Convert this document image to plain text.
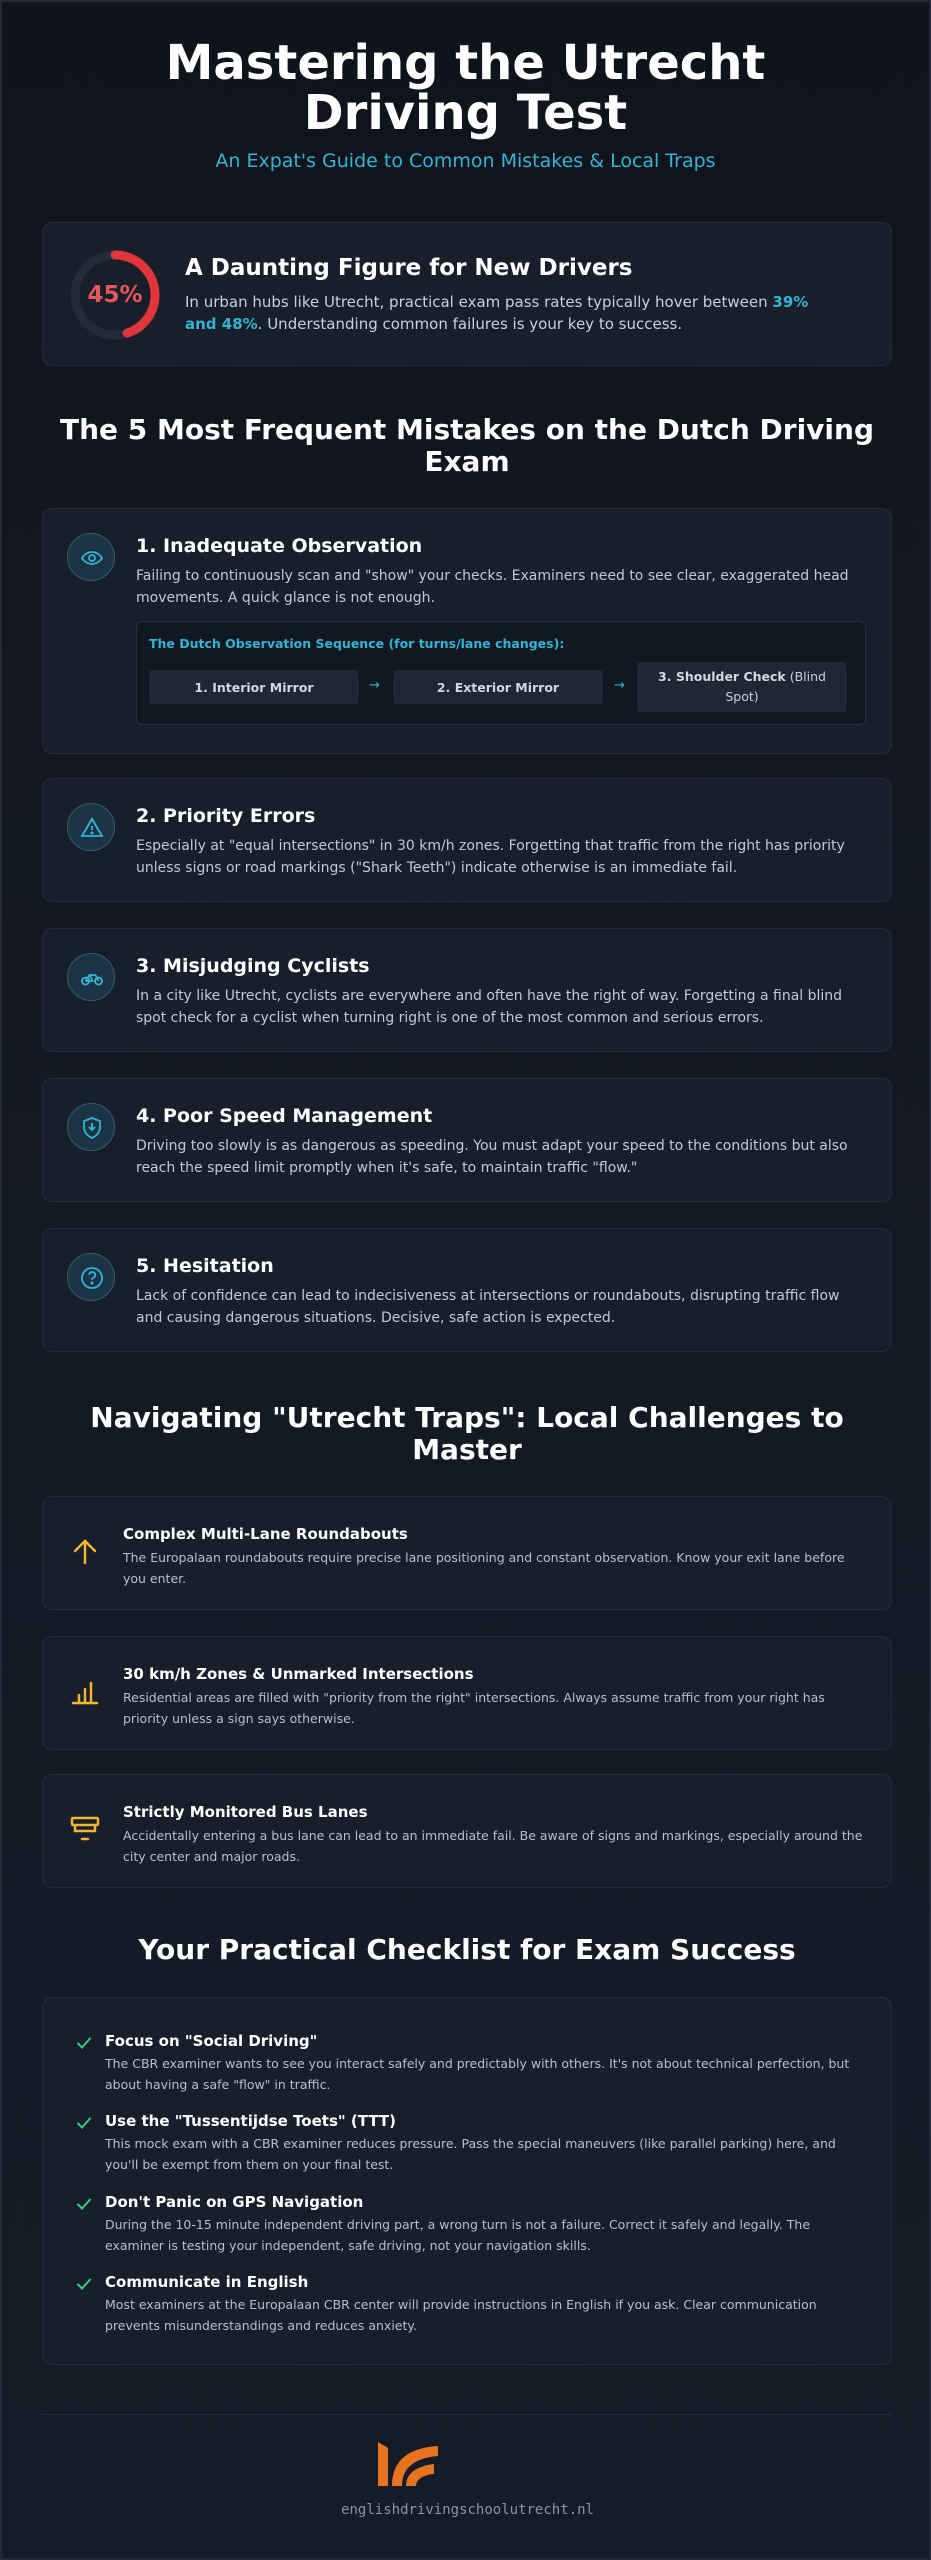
Mastering the Utrecht Driving Test
An Expat's Guide to Common Mistakes & Local Traps
45%
A Daunting Figure for New Drivers
In urban hubs like Utrecht, practical exam pass rates typically hover between 39% and 48%. Understanding common failures is your key to success.
The 5 Most Frequent Mistakes on the Dutch Driving Exam
1. Inadequate Observation
Failing to continuously scan and "show" your checks. Examiners need to see clear, exaggerated head movements. A quick glance is not enough.
The Dutch Observation Sequence (for turns/lane changes):
1. Interior Mirror	→	2. Exterior Mirror	→
3. Shoulder Check (Blind Spot)
2. Priority Errors
Especially at "equal intersections" in 30 km/h zones. Forgetting that traffic from the right has priority unless signs or road markings ("Shark Teeth") indicate otherwise is an immediate fail.
3. Misjudging Cyclists
In a city like Utrecht, cyclists are everywhere and often have the right of way. Forgetting a final blind spot check for a cyclist when turning right is one of the most common and serious errors.
4. Poor Speed Management
Driving too slowly is as dangerous as speeding. You must adapt your speed to the conditions but also reach the speed limit promptly when it's safe, to maintain traffic "flow."
5. Hesitation
Lack of confidence can lead to indecisiveness at intersections or roundabouts, disrupting traffic flow and causing dangerous situations. Decisive, safe action is expected.
Navigating "Utrecht Traps": Local Challenges to Master
Complex Multi-Lane Roundabouts
The Europalaan roundabouts require precise lane positioning and constant observation. Know your exit lane before you enter.
30 km/h Zones & Unmarked Intersections
Residential areas are filled with "priority from the right" intersections. Always assume traffic from your right has priority unless a sign says otherwise.
Strictly Monitored Bus Lanes
Accidentally entering a bus lane can lead to an immediate fail. Be aware of signs and markings, especially around the city center and major roads.
Your Practical Checklist for Exam Success
Focus on "Social Driving"
The CBR examiner wants to see you interact safely and predictably with others. It's not about technical perfection, but about having a safe "flow" in traffic.
Use the "Tussentijdse Toets" (TTT)
This mock exam with a CBR examiner reduces pressure. Pass the special maneuvers (like parallel parking) here, and you'll be exempt from them on your final test.
Don't Panic on GPS Navigation
During the 10-15 minute independent driving part, a wrong turn is not a failure. Correct it safely and legally. The examiner is testing your independent, safe driving, not your navigation skills.
Communicate in English
Most examiners at the Europalaan CBR center will provide instructions in English if you ask. Clear communication prevents misunderstandings and reduces anxiety.
englishdrivingschoolutrecht.nl
